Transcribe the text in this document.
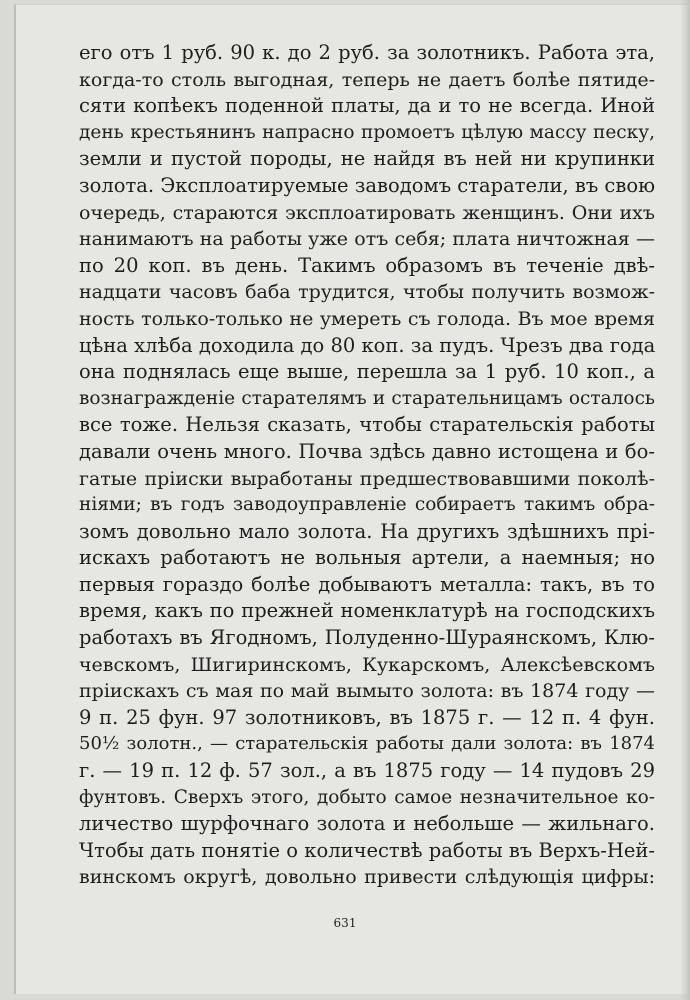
его отъ 1 руб. 90 к. до 2 руб. за золотникъ. Работа эта,
когда-то столь выгодная, теперь не даетъ болѣе пятиде-
сяти копѣекъ поденной платы, да и то не всегда. Иной
день крестьянинъ напрасно промоетъ цѣлую массу песку,
земли и пустой породы, не найдя въ ней ни крупинки
золота. Эксплоатируемые заводомъ старатели, въ свою
очередь, стараются эксплоатировать женщинъ. Они ихъ
нанимаютъ на работы уже отъ себя; плата ничтожная —
по 20 коп. въ день. Такимъ образомъ въ теченіе двѣ-
надцати часовъ баба трудится, чтобы получить возмож-
ность только-только не умереть съ голода. Въ мое время
цѣна хлѣба доходила до 80 коп. за пудъ. Чрезъ два года
она поднялась еще выше, перешла за 1 руб. 10 коп., а
вознагражденіе старателямъ и старательницамъ осталось
все тоже. Нельзя сказать, чтобы старательскія работы
давали очень много. Почва здѣсь давно истощена и бо-
гатые пріиски выработаны предшествовавшими поколѣ-
ніями; въ годъ заводоуправленіе собираетъ такимъ обра-
зомъ довольно мало золота. На другихъ здѣшнихъ прі-
искахъ работаютъ не вольныя артели, а наемныя; но
первыя гораздо болѣе добываютъ металла: такъ, въ то
время, какъ по прежней номенклатурѣ на господскихъ
работахъ въ Ягодномъ, Полуденно-Шураянскомъ, Клю-
чевскомъ, Шигиринскомъ, Кукарскомъ, Алексѣевскомъ
пріискахъ съ мая по май вымыто золота: въ 1874 году —
9 п. 25 фун. 97 золотниковъ, въ 1875 г. — 12 п. 4 фун.
50½ золотн., — старательскія работы дали золота: въ 1874
г. — 19 п. 12 ф. 57 зол., а въ 1875 году — 14 пудовъ 29
фунтовъ. Сверхъ этого, добыто самое незначительное ко-
личество шурфочнаго золота и небольше — жильнаго.
Чтобы дать понятіе о количествѣ работы въ Верхъ-Ней-
винскомъ округѣ, довольно привести слѣдующія цифры:
631
